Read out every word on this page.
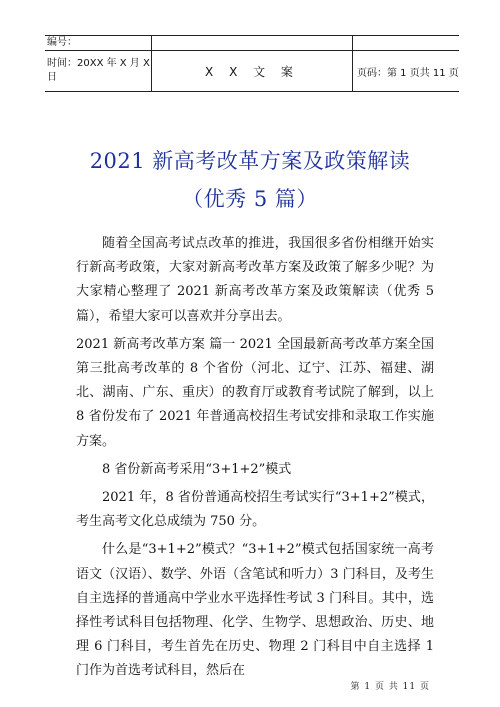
编号：		
时间：20XX 年 X 月 X 日	X X 文 案	页码：第 1 页共 11 页
2021 新高考改革方案及政策解读
（优秀 5 篇）

随着全国高考试点改革的推进，我国很多省份相继开始实行新高考政策，大家对新高考改革方案及政策了解多少呢？为大家精心整理了 2021 新高考改革方案及政策解读（优秀 5 篇），希望大家可以喜欢并分享出去。

2021 新高考改革方案 篇一 2021 全国最新高考改革方案全国第三批高考改革的 8 个省份（河北、辽宁、江苏、福建、湖北、湖南、广东、重庆）的教育厅或教育考试院了解到，以上 8 省份发布了 2021 年普通高校招生考试安排和录取工作实施方案。

8 省份新高考采用“3+1+2”模式

2021 年，8 省份普通高校招生考试实行“3+1+2”模式，考生高考文化总成绩为 750 分。

什么是“3+1+2”模式？“3+1+2”模式包括国家统一高考语文（汉语）、数学、外语（含笔试和听力）3 门科目，及考生自主选择的普通高中学业水平选择性考试 3 门科目。其中，选择性考试科目包括物理、化学、生物学、思想政治、历史、地理 6 门科目，考生首先在历史、物理 2 门科目中自主选择 1 门作为首选考试科目，然后在

第 1 页 共 11 页
